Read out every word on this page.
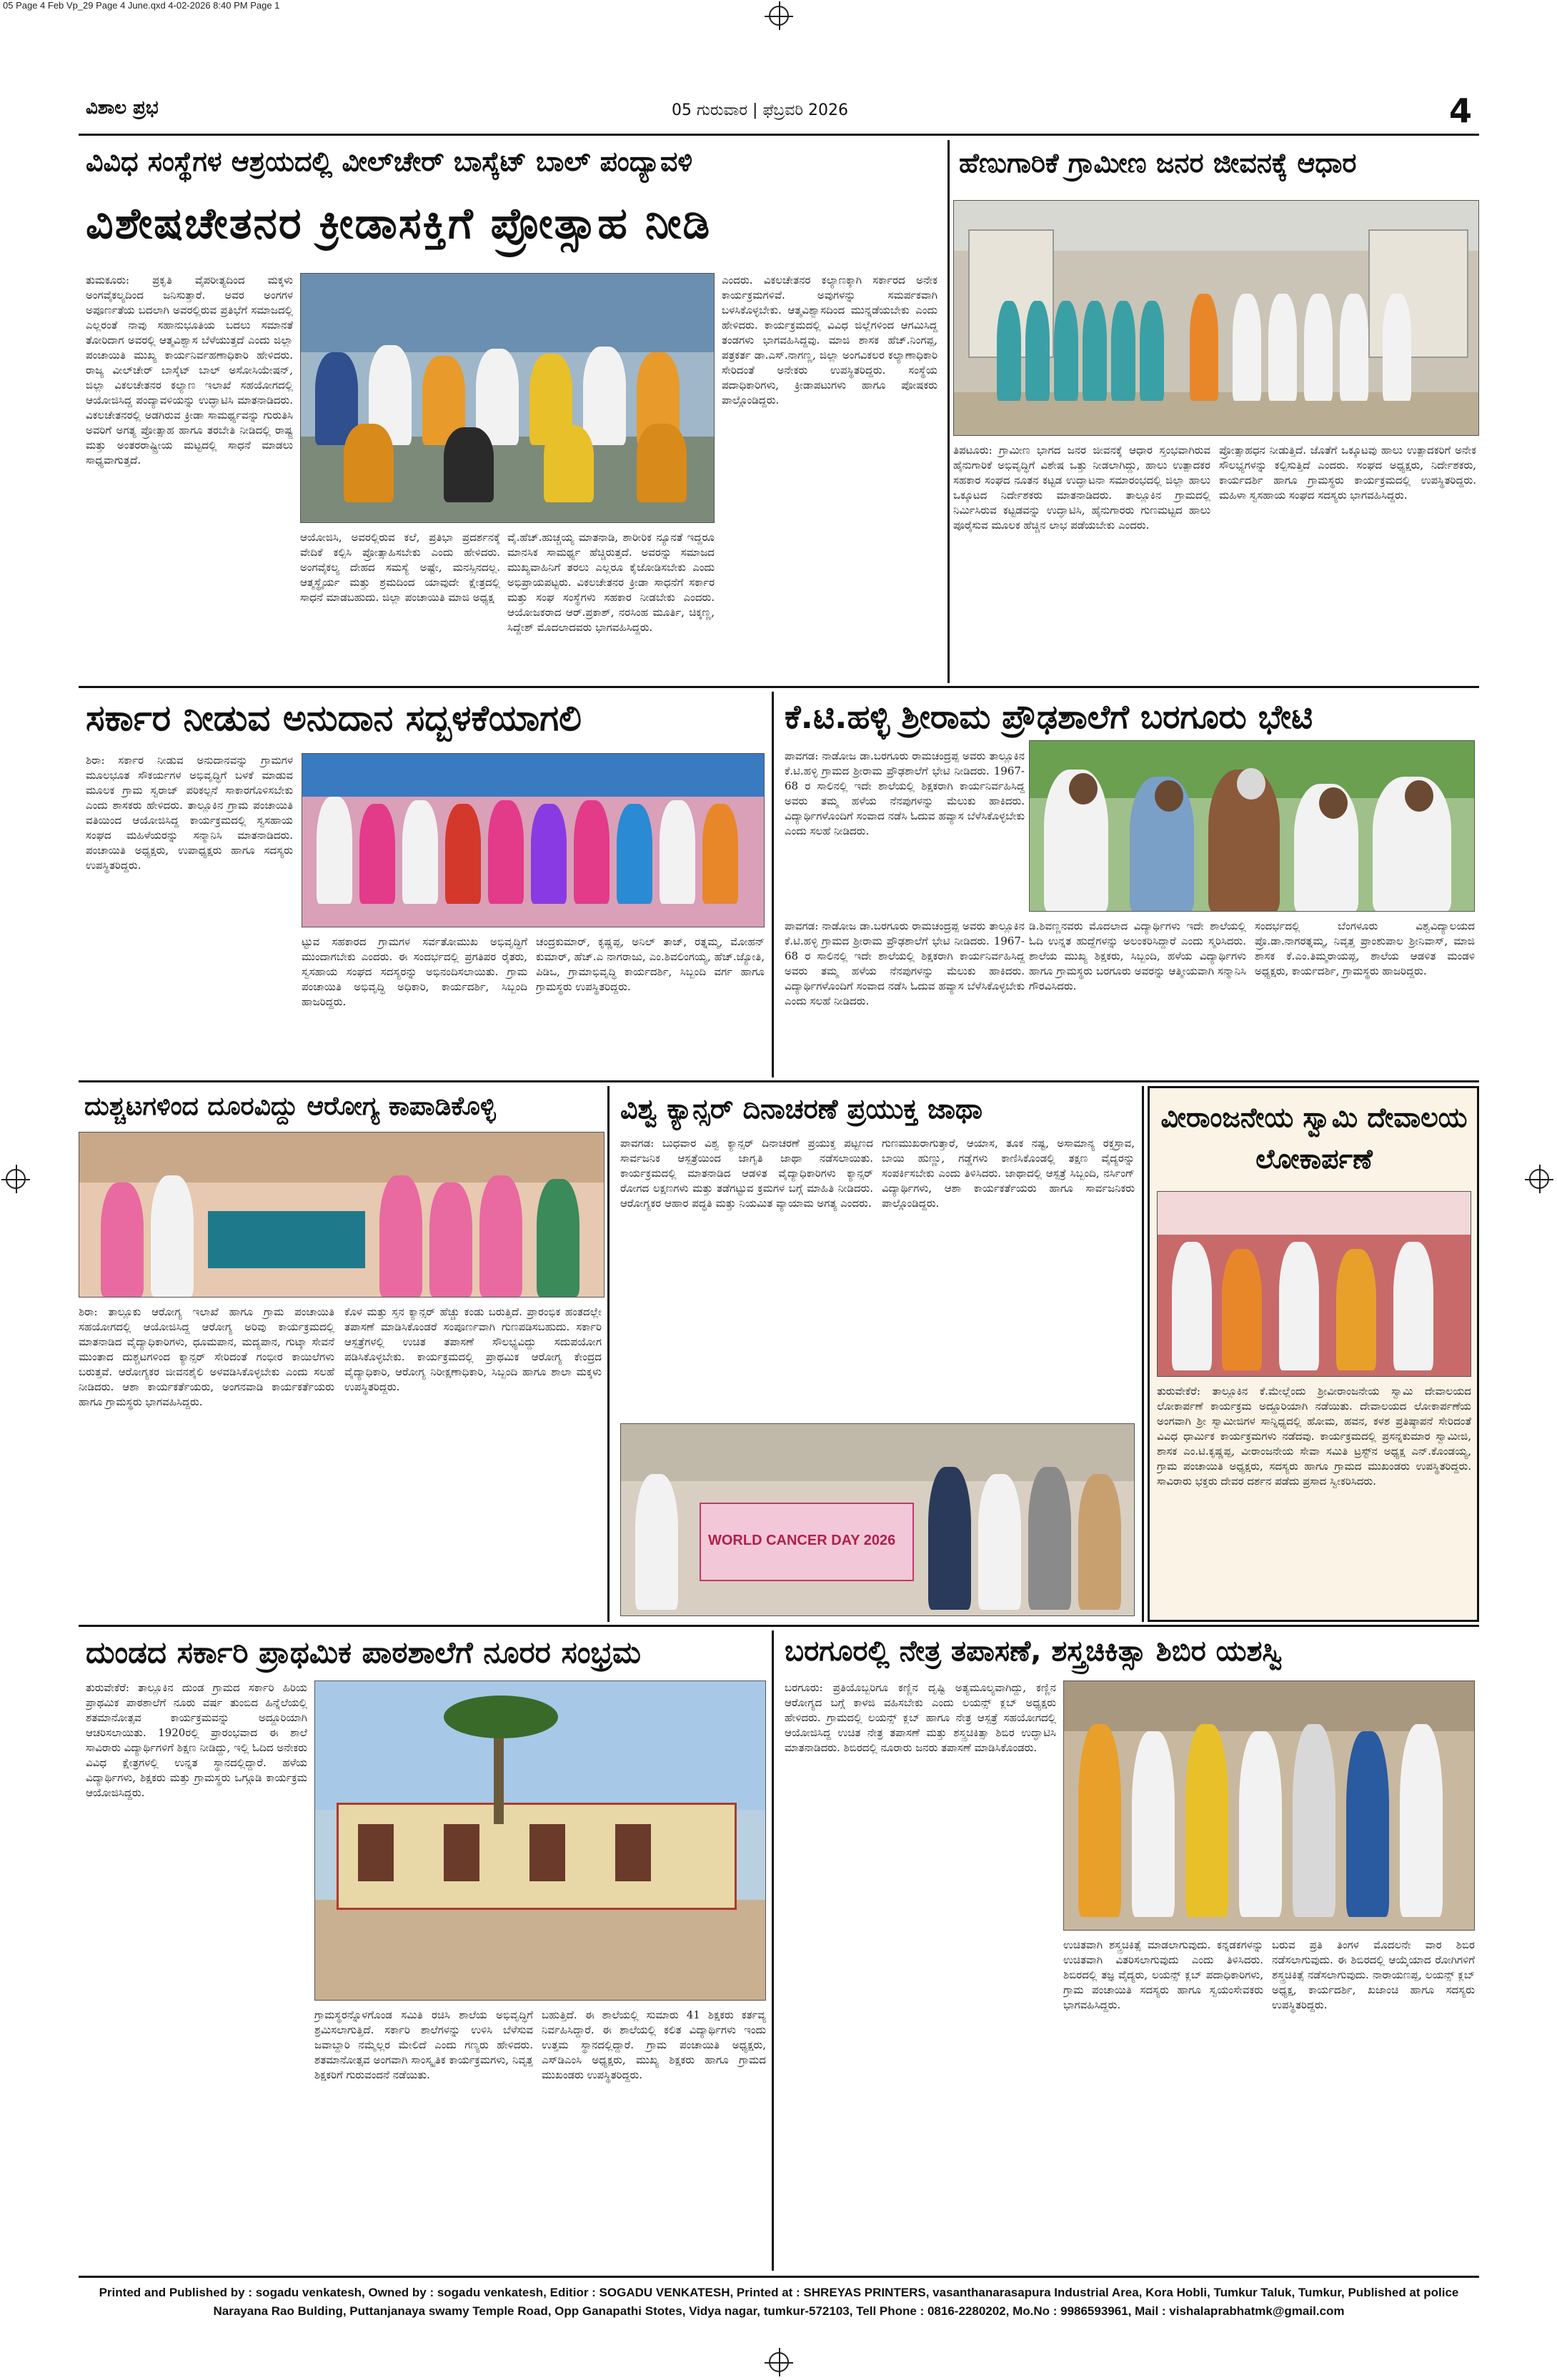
05 Page 4 Feb Vp_29 Page 4 June.qxd 4-02-2026 8:40 PM Page 1
ವಿಶಾಲ ಪ್ರಭ	05 ಗುರುವಾರ | ಫೆಬ್ರವರಿ 2026	4
ವಿವಿಧ ಸಂಸ್ಥೆಗಳ ಆಶ್ರಯದಲ್ಲಿ ವೀಲ್‌ಚೇರ್ ಬಾಸ್ಕೆಟ್ ಬಾಲ್ ಪಂದ್ಯಾವಳಿ
ವಿಶೇಷಚೇತನರ ಕ್ರೀಡಾಸಕ್ತಿಗೆ ಪ್ರೋತ್ಸಾಹ ನೀಡಿ
ತುಮಕೂರು: ಪ್ರಕೃತಿ ವೈಪರೀತ್ಯದಿಂದ ಮಕ್ಕಳು ಅಂಗವೈಕಲ್ಯದಿಂದ ಜನಿಸುತ್ತಾರೆ. ಅವರ ಅಂಗಗಳ ಅಪೂರ್ಣತೆಯ ಬದಲಾಗಿ ಅವರಲ್ಲಿರುವ ಪ್ರತಿಭೆಗೆ ಸಮಾಜದಲ್ಲಿ ಎಲ್ಲರಂತೆ ನಾವು ಸಹಾನುಭೂತಿಯ ಬದಲು ಸಮಾನತೆ ತೋರಿದಾಗ ಅವರಲ್ಲಿ ಆತ್ಮವಿಶ್ವಾಸ ಬೆಳೆಯುತ್ತದೆ ಎಂದು ಜಿಲ್ಲಾ ಪಂಚಾಯಿತಿ ಮುಖ್ಯ ಕಾರ್ಯನಿರ್ವಹಣಾಧಿಕಾರಿ ಹೇಳಿದರು. ರಾಜ್ಯ ವೀಲ್‌ಚೇರ್ ಬಾಸ್ಕೆಟ್ ಬಾಲ್ ಅಸೋಸಿಯೇಷನ್, ಜಿಲ್ಲಾ ವಿಕಲಚೇತನರ ಕಲ್ಯಾಣ ಇಲಾಖೆ ಸಹಯೋಗದಲ್ಲಿ ಆಯೋಜಿಸಿದ್ದ ಪಂದ್ಯಾವಳಿಯನ್ನು ಉದ್ಘಾಟಿಸಿ ಮಾತನಾಡಿದರು. ವಿಕಲಚೇತನರಲ್ಲಿ ಅಡಗಿರುವ ಕ್ರೀಡಾ ಸಾಮರ್ಥ್ಯವನ್ನು ಗುರುತಿಸಿ ಅವರಿಗೆ ಅಗತ್ಯ ಪ್ರೋತ್ಸಾಹ ಹಾಗೂ ತರಬೇತಿ ನೀಡಿದಲ್ಲಿ ರಾಷ್ಟ್ರ ಮತ್ತು ಅಂತರರಾಷ್ಟ್ರೀಯ ಮಟ್ಟದಲ್ಲಿ ಸಾಧನೆ ಮಾಡಲು ಸಾಧ್ಯವಾಗುತ್ತದೆ.
ಆಯೋಜಿಸಿ, ಅವರಲ್ಲಿರುವ ಕಲೆ, ಪ್ರತಿಭಾ ಪ್ರದರ್ಶನಕ್ಕೆ ವೇದಿಕೆ ಕಲ್ಪಿಸಿ ಪ್ರೋತ್ಸಾಹಿಸಬೇಕು ಎಂದು ಹೇಳಿದರು. ಅಂಗವೈಕಲ್ಯ ದೇಹದ ಸಮಸ್ಯೆ ಅಷ್ಟೇ, ಮನಸ್ಸಿನದಲ್ಲ. ಆತ್ಮಸ್ಥೈರ್ಯ ಮತ್ತು ಶ್ರಮದಿಂದ ಯಾವುದೇ ಕ್ಷೇತ್ರದಲ್ಲಿ ಸಾಧನೆ ಮಾಡಬಹುದು. ಜಿಲ್ಲಾ ಪಂಚಾಯಿತಿ ಮಾಜಿ ಅಧ್ಯಕ್ಷ
ವೈ.ಹೆಚ್.ಹುಚ್ಚಯ್ಯ ಮಾತನಾಡಿ, ಶಾರೀರಿಕ ನ್ಯೂನತೆ ಇದ್ದರೂ ಮಾನಸಿಕ ಸಾಮರ್ಥ್ಯ ಹೆಚ್ಚಿರುತ್ತದೆ. ಅವರನ್ನು ಸಮಾಜದ ಮುಖ್ಯವಾಹಿನಿಗೆ ತರಲು ಎಲ್ಲರೂ ಕೈಜೋಡಿಸಬೇಕು ಎಂದು ಅಭಿಪ್ರಾಯಪಟ್ಟರು. ವಿಕಲಚೇತನರ ಕ್ರೀಡಾ ಸಾಧನೆಗೆ ಸರ್ಕಾರ ಮತ್ತು ಸಂಘ ಸಂಸ್ಥೆಗಳು ಸಹಕಾರ ನೀಡಬೇಕು ಎಂದರು. ಆಯೋಜಕರಾದ ಆರ್.ಪ್ರಕಾಶ್, ನರಸಿಂಹ ಮೂರ್ತಿ, ಚಿಕ್ಕಣ್ಣ, ಸಿದ್ದೇಶ್ ಮೊದಲಾದವರು ಭಾಗವಹಿಸಿದ್ದರು.
ಎಂದರು. ವಿಕಲಚೇತನರ ಕಲ್ಯಾಣಕ್ಕಾಗಿ ಸರ್ಕಾರದ ಅನೇಕ ಕಾರ್ಯಕ್ರಮಗಳಿವೆ. ಅವುಗಳನ್ನು ಸಮರ್ಪಕವಾಗಿ ಬಳಸಿಕೊಳ್ಳಬೇಕು. ಆತ್ಮವಿಶ್ವಾಸದಿಂದ ಮುನ್ನಡೆಯಬೇಕು ಎಂದು ಹೇಳಿದರು. ಕಾರ್ಯಕ್ರಮದಲ್ಲಿ ವಿವಿಧ ಜಿಲ್ಲೆಗಳಿಂದ ಆಗಮಿಸಿದ್ದ ತಂಡಗಳು ಭಾಗವಹಿಸಿದ್ದವು. ಮಾಜಿ ಶಾಸಕ ಹೆಚ್.ನಿಂಗಪ್ಪ, ಪತ್ರಕರ್ತ ಡಾ.ಎಸ್.ನಾಗಣ್ಣ, ಜಿಲ್ಲಾ ಅಂಗವಿಕಲರ ಕಲ್ಯಾಣಾಧಿಕಾರಿ ಸೇರಿದಂತೆ ಅನೇಕರು ಉಪಸ್ಥಿತರಿದ್ದರು. ಸಂಸ್ಥೆಯ ಪದಾಧಿಕಾರಿಗಳು, ಕ್ರೀಡಾಪಟುಗಳು ಹಾಗೂ ಪೋಷಕರು ಪಾಲ್ಗೊಂಡಿದ್ದರು.
ಹೆಣುಗಾರಿಕೆ ಗ್ರಾಮೀಣ ಜನರ ಜೀವನಕ್ಕೆ ಆಧಾರ
ತಿಪಟೂರು: ಗ್ರಾಮೀಣ ಭಾಗದ ಜನರ ಜೀವನಕ್ಕೆ ಆಧಾರ ಸ್ತಂಭವಾಗಿರುವ ಹೈನುಗಾರಿಕೆ ಅಭಿವೃದ್ಧಿಗೆ ವಿಶೇಷ ಒತ್ತು ನೀಡಲಾಗಿದ್ದು, ಹಾಲು ಉತ್ಪಾದಕರ ಸಹಕಾರ ಸಂಘದ ನೂತನ ಕಟ್ಟಡ ಉದ್ಘಾಟನಾ ಸಮಾರಂಭದಲ್ಲಿ ಜಿಲ್ಲಾ ಹಾಲು ಒಕ್ಕೂಟದ ನಿರ್ದೇಶಕರು ಮಾತನಾಡಿದರು. ತಾಲ್ಲೂಕಿನ ಗ್ರಾಮದಲ್ಲಿ ನಿರ್ಮಿಸಿರುವ ಕಟ್ಟಡವನ್ನು ಉದ್ಘಾಟಿಸಿ, ಹೈನುಗಾರರು ಗುಣಮಟ್ಟದ ಹಾಲು ಪೂರೈಸುವ ಮೂಲಕ ಹೆಚ್ಚಿನ ಲಾಭ ಪಡೆಯಬೇಕು ಎಂದರು.
ಪ್ರೋತ್ಸಾಹಧನ ನೀಡುತ್ತಿದೆ. ಜೊತೆಗೆ ಒಕ್ಕೂಟವು ಹಾಲು ಉತ್ಪಾದಕರಿಗೆ ಅನೇಕ ಸೌಲಭ್ಯಗಳನ್ನು ಕಲ್ಪಿಸುತ್ತಿದೆ ಎಂದರು. ಸಂಘದ ಅಧ್ಯಕ್ಷರು, ನಿರ್ದೇಶಕರು, ಕಾರ್ಯದರ್ಶಿ ಹಾಗೂ ಗ್ರಾಮಸ್ಥರು ಕಾರ್ಯಕ್ರಮದಲ್ಲಿ ಉಪಸ್ಥಿತರಿದ್ದರು. ಮಹಿಳಾ ಸ್ವಸಹಾಯ ಸಂಘದ ಸದಸ್ಯರು ಭಾಗವಹಿಸಿದ್ದರು.
ಸರ್ಕಾರ ನೀಡುವ ಅನುದಾನ ಸದ್ಬಳಕೆಯಾಗಲಿ
ಶಿರಾ: ಸರ್ಕಾರ ನೀಡುವ ಅನುದಾನವನ್ನು ಗ್ರಾಮಗಳ ಮೂಲಭೂತ ಸೌಕರ್ಯಗಳ ಅಭಿವೃದ್ಧಿಗೆ ಬಳಕೆ ಮಾಡುವ ಮೂಲಕ ಗ್ರಾಮ ಸ್ವರಾಜ್ ಪರಿಕಲ್ಪನೆ ಸಾಕಾರಗೊಳಿಸಬೇಕು ಎಂದು ಶಾಸಕರು ಹೇಳಿದರು. ತಾಲ್ಲೂಕಿನ ಗ್ರಾಮ ಪಂಚಾಯಿತಿ ವತಿಯಿಂದ ಆಯೋಜಿಸಿದ್ದ ಕಾರ್ಯಕ್ರಮದಲ್ಲಿ ಸ್ವಸಹಾಯ ಸಂಘದ ಮಹಿಳೆಯರನ್ನು ಸನ್ಮಾನಿಸಿ ಮಾತನಾಡಿದರು. ಪಂಚಾಯಿತಿ ಅಧ್ಯಕ್ಷರು, ಉಪಾಧ್ಯಕ್ಷರು ಹಾಗೂ ಸದಸ್ಯರು ಉಪಸ್ಥಿತರಿದ್ದರು.
ಟ್ಟುವ ಸಹಕಾರದ ಗ್ರಾಮಗಳ ಸರ್ವತೋಮುಖ ಅಭಿವೃದ್ಧಿಗೆ ಮುಂದಾಗಬೇಕು ಎಂದರು. ಈ ಸಂದರ್ಭದಲ್ಲಿ ಪ್ರಗತಿಪರ ರೈತರು, ಸ್ವಸಹಾಯ ಸಂಘದ ಸದಸ್ಯರನ್ನು ಅಭಿನಂದಿಸಲಾಯಿತು. ಗ್ರಾಮ ಪಂಚಾಯಿತಿ ಅಭಿವೃದ್ಧಿ ಅಧಿಕಾರಿ, ಕಾರ್ಯದರ್ಶಿ, ಸಿಬ್ಬಂದಿ ಹಾಜರಿದ್ದರು.
ಚಂದ್ರಕುಮಾರ್, ಕೃಷ್ಣಪ್ಪ, ಅನಿಲ್ ತಾಜ್, ರತ್ನಮ್ಮ, ಮೋಹನ್ ಕುಮಾರ್, ಹೆಚ್.ಎ ನಾಗರಾಜು, ಎಂ.ಶಿವಲಿಂಗಯ್ಯ, ಹೆಚ್.ಜ್ಯೋತಿ, ಪಿಡಿಒ, ಗ್ರಾಮಾಭಿವೃದ್ಧಿ ಕಾರ್ಯದರ್ಶಿ, ಸಿಬ್ಬಂದಿ ವರ್ಗ ಹಾಗೂ ಗ್ರಾಮಸ್ಥರು ಉಪಸ್ಥಿತರಿದ್ದರು.
ಕೆ.ಟಿ.ಹಳ್ಳಿ ಶ್ರೀರಾಮ ಪ್ರೌಢಶಾಲೆಗೆ ಬರಗೂರು ಭೇಟಿ
ಪಾವಗಡ: ನಾಡೋಜ ಡಾ.ಬರಗೂರು ರಾಮಚಂದ್ರಪ್ಪ ಅವರು ತಾಲ್ಲೂಕಿನ ಕೆ.ಟಿ.ಹಳ್ಳಿ ಗ್ರಾಮದ ಶ್ರೀರಾಮ ಪ್ರೌಢಶಾಲೆಗೆ ಭೇಟಿ ನೀಡಿದರು. 1967-68 ರ ಸಾಲಿನಲ್ಲಿ ಇದೇ ಶಾಲೆಯಲ್ಲಿ ಶಿಕ್ಷಕರಾಗಿ ಕಾರ್ಯನಿರ್ವಹಿಸಿದ್ದ ಅವರು ತಮ್ಮ ಹಳೆಯ ನೆನಪುಗಳನ್ನು ಮೆಲುಕು ಹಾಕಿದರು. ವಿದ್ಯಾರ್ಥಿಗಳೊಂದಿಗೆ ಸಂವಾದ ನಡೆಸಿ ಓದುವ ಹವ್ಯಾಸ ಬೆಳೆಸಿಕೊಳ್ಳಬೇಕು ಎಂದು ಸಲಹೆ ನೀಡಿದರು.
ಡಿ.ಶಿವಣ್ಣನವರು ಮೊದಲಾದ ವಿದ್ಯಾರ್ಥಿಗಳು ಇದೇ ಶಾಲೆಯಲ್ಲಿ ಓದಿ ಉನ್ನತ ಹುದ್ದೆಗಳನ್ನು ಅಲಂಕರಿಸಿದ್ದಾರೆ ಎಂದು ಸ್ಮರಿಸಿದರು. ಶಾಲೆಯ ಮುಖ್ಯ ಶಿಕ್ಷಕರು, ಸಿಬ್ಬಂದಿ, ಹಳೆಯ ವಿದ್ಯಾರ್ಥಿಗಳು ಹಾಗೂ ಗ್ರಾಮಸ್ಥರು ಬರಗೂರು ಅವರನ್ನು ಆತ್ಮೀಯವಾಗಿ ಸನ್ಮಾನಿಸಿ ಗೌರವಿಸಿದರು.
ಸಂದರ್ಭದಲ್ಲಿ ಬೆಂಗಳೂರು ವಿಶ್ವವಿದ್ಯಾಲಯದ ಪ್ರೊ.ಡಾ.ನಾಗರತ್ನಮ್ಮ, ನಿವೃತ್ತ ಪ್ರಾಂಶುಪಾಲ ಶ್ರೀನಿವಾಸ್, ಮಾಜಿ ಶಾಸಕ ಕೆ.ಎಂ.ತಿಮ್ಮರಾಯಪ್ಪ, ಶಾಲೆಯ ಆಡಳಿತ ಮಂಡಳಿ ಅಧ್ಯಕ್ಷರು, ಕಾರ್ಯದರ್ಶಿ, ಗ್ರಾಮಸ್ಥರು ಹಾಜರಿದ್ದರು.
ಪಾವಗಡ: ನಾಡೋಜ ಡಾ.ಬರಗೂರು ರಾಮಚಂದ್ರಪ್ಪ ಅವರು ತಾಲ್ಲೂಕಿನ ಕೆ.ಟಿ.ಹಳ್ಳಿ ಗ್ರಾಮದ ಶ್ರೀರಾಮ ಪ್ರೌಢಶಾಲೆಗೆ ಭೇಟಿ ನೀಡಿದರು. 1967-68 ರ ಸಾಲಿನಲ್ಲಿ ಇದೇ ಶಾಲೆಯಲ್ಲಿ ಶಿಕ್ಷಕರಾಗಿ ಕಾರ್ಯನಿರ್ವಹಿಸಿದ್ದ ಅವರು ತಮ್ಮ ಹಳೆಯ ನೆನಪುಗಳನ್ನು ಮೆಲುಕು ಹಾಕಿದರು. ವಿದ್ಯಾರ್ಥಿಗಳೊಂದಿಗೆ ಸಂವಾದ ನಡೆಸಿ ಓದುವ ಹವ್ಯಾಸ ಬೆಳೆಸಿಕೊಳ್ಳಬೇಕು ಎಂದು ಸಲಹೆ ನೀಡಿದರು.
ದುಶ್ಚಟಗಳಿಂದ ದೂರವಿದ್ದು ಆರೋಗ್ಯ ಕಾಪಾಡಿಕೊಳ್ಳಿ
ಶಿರಾ: ತಾಲ್ಲೂಕು ಆರೋಗ್ಯ ಇಲಾಖೆ ಹಾಗೂ ಗ್ರಾಮ ಪಂಚಾಯಿತಿ ಸಹಯೋಗದಲ್ಲಿ ಆಯೋಜಿಸಿದ್ದ ಆರೋಗ್ಯ ಅರಿವು ಕಾರ್ಯಕ್ರಮದಲ್ಲಿ ಮಾತನಾಡಿದ ವೈದ್ಯಾಧಿಕಾರಿಗಳು, ಧೂಮಪಾನ, ಮದ್ಯಪಾನ, ಗುಟ್ಕಾ ಸೇವನೆ ಮುಂತಾದ ದುಶ್ಚಟಗಳಿಂದ ಕ್ಯಾನ್ಸರ್ ಸೇರಿದಂತೆ ಗಂಭೀರ ಕಾಯಿಲೆಗಳು ಬರುತ್ತವೆ. ಆರೋಗ್ಯಕರ ಜೀವನಶೈಲಿ ಅಳವಡಿಸಿಕೊಳ್ಳಬೇಕು ಎಂದು ಸಲಹೆ ನೀಡಿದರು. ಆಶಾ ಕಾರ್ಯಕರ್ತೆಯರು, ಅಂಗನವಾಡಿ ಕಾರ್ಯಕರ್ತೆಯರು ಹಾಗೂ ಗ್ರಾಮಸ್ಥರು ಭಾಗವಹಿಸಿದ್ದರು.
ಕೊಳ ಮತ್ತು ಸ್ತನ ಕ್ಯಾನ್ಸರ್ ಹೆಚ್ಚು ಕಂಡು ಬರುತ್ತಿದೆ. ಪ್ರಾರಂಭಿಕ ಹಂತದಲ್ಲೇ ತಪಾಸಣೆ ಮಾಡಿಸಿಕೊಂಡರೆ ಸಂಪೂರ್ಣವಾಗಿ ಗುಣಪಡಿಸಬಹುದು. ಸರ್ಕಾರಿ ಆಸ್ಪತ್ರೆಗಳಲ್ಲಿ ಉಚಿತ ತಪಾಸಣೆ ಸೌಲಭ್ಯವಿದ್ದು ಸದುಪಯೋಗ ಪಡಿಸಿಕೊಳ್ಳಬೇಕು. ಕಾರ್ಯಕ್ರಮದಲ್ಲಿ ಪ್ರಾಥಮಿಕ ಆರೋಗ್ಯ ಕೇಂದ್ರದ ವೈದ್ಯಾಧಿಕಾರಿ, ಆರೋಗ್ಯ ನಿರೀಕ್ಷಣಾಧಿಕಾರಿ, ಸಿಬ್ಬಂದಿ ಹಾಗೂ ಶಾಲಾ ಮಕ್ಕಳು ಉಪಸ್ಥಿತರಿದ್ದರು.
ವಿಶ್ವ ಕ್ಯಾನ್ಸರ್ ದಿನಾಚರಣೆ ಪ್ರಯುಕ್ತ ಜಾಥಾ
ಪಾವಗಡ: ಬುಧವಾರ ವಿಶ್ವ ಕ್ಯಾನ್ಸರ್ ದಿನಾಚರಣೆ ಪ್ರಯುಕ್ತ ಪಟ್ಟಣದ ಸಾರ್ವಜನಿಕ ಆಸ್ಪತ್ರೆಯಿಂದ ಜಾಗೃತಿ ಜಾಥಾ ನಡೆಸಲಾಯಿತು. ಕಾರ್ಯಕ್ರಮದಲ್ಲಿ ಮಾತನಾಡಿದ ಆಡಳಿತ ವೈದ್ಯಾಧಿಕಾರಿಗಳು ಕ್ಯಾನ್ಸರ್ ರೋಗದ ಲಕ್ಷಣಗಳು ಮತ್ತು ತಡೆಗಟ್ಟುವ ಕ್ರಮಗಳ ಬಗ್ಗೆ ಮಾಹಿತಿ ನೀಡಿದರು. ಆರೋಗ್ಯಕರ ಆಹಾರ ಪದ್ಧತಿ ಮತ್ತು ನಿಯಮಿತ ವ್ಯಾಯಾಮ ಅಗತ್ಯ ಎಂದರು.
ಗುಣಮುಖರಾಗುತ್ತಾರೆ, ಆಯಾಸ, ತೂಕ ನಷ್ಟ, ಅಸಾಮಾನ್ಯ ರಕ್ತಸ್ರಾವ, ಬಾಯಿ ಹುಣ್ಣು, ಗಡ್ಡೆಗಳು ಕಾಣಿಸಿಕೊಂಡಲ್ಲಿ ತಕ್ಷಣ ವೈದ್ಯರನ್ನು ಸಂಪರ್ಕಿಸಬೇಕು ಎಂದು ತಿಳಿಸಿದರು. ಜಾಥಾದಲ್ಲಿ ಆಸ್ಪತ್ರೆ ಸಿಬ್ಬಂದಿ, ನರ್ಸಿಂಗ್ ವಿದ್ಯಾರ್ಥಿಗಳು, ಆಶಾ ಕಾರ್ಯಕರ್ತೆಯರು ಹಾಗೂ ಸಾರ್ವಜನಿಕರು ಪಾಲ್ಗೊಂಡಿದ್ದರು.
WORLD CANCER DAY 2026
ವೀರಾಂಜನೇಯ ಸ್ವಾಮಿ ದೇವಾಲಯ ಲೋಕಾರ್ಪಣೆ
ತುರುವೇಕೆರೆ: ತಾಲ್ಲೂಕಿನ ಕೆ.ಮೇಲ್ಲೆಂದು ಶ್ರೀವೀರಾಂಜನೇಯ ಸ್ವಾಮಿ ದೇವಾಲಯದ ಲೋಕಾರ್ಪಣೆ ಕಾರ್ಯಕ್ರಮ ಅದ್ದೂರಿಯಾಗಿ ನಡೆಯಿತು. ದೇವಾಲಯದ ಲೋಕಾರ್ಪಣೆಯ ಅಂಗವಾಗಿ ಶ್ರೀ ಸ್ವಾಮೀಜಿಗಳ ಸಾನ್ನಿಧ್ಯದಲ್ಲಿ ಹೋಮ, ಹವನ, ಕಳಶ ಪ್ರತಿಷ್ಠಾಪನೆ ಸೇರಿದಂತೆ ವಿವಿಧ ಧಾರ್ಮಿಕ ಕಾರ್ಯಕ್ರಮಗಳು ನಡೆದವು. ಕಾರ್ಯಕ್ರಮದಲ್ಲಿ ಪ್ರಸನ್ನಕುಮಾರ ಸ್ವಾಮೀಜಿ, ಶಾಸಕ ಎಂ.ಟಿ.ಕೃಷ್ಣಪ್ಪ, ವೀರಾಂಜನೇಯ ಸೇವಾ ಸಮಿತಿ ಟ್ರಸ್ಟ್‌ನ ಅಧ್ಯಕ್ಷ ಎನ್.ಕೊಂಡಯ್ಯ, ಗ್ರಾಮ ಪಂಚಾಯಿತಿ ಅಧ್ಯಕ್ಷರು, ಸದಸ್ಯರು ಹಾಗೂ ಗ್ರಾಮದ ಮುಖಂಡರು ಉಪಸ್ಥಿತರಿದ್ದರು. ಸಾವಿರಾರು ಭಕ್ತರು ದೇವರ ದರ್ಶನ ಪಡೆದು ಪ್ರಸಾದ ಸ್ವೀಕರಿಸಿದರು.
ದುಂಡದ ಸರ್ಕಾರಿ ಪ್ರಾಥಮಿಕ ಪಾಠಶಾಲೆಗೆ ನೂರರ ಸಂಭ್ರಮ
ತುರುವೇಕೆರೆ: ತಾಲ್ಲೂಕಿನ ದುಂಡ ಗ್ರಾಮದ ಸರ್ಕಾರಿ ಹಿರಿಯ ಪ್ರಾಥಮಿಕ ಪಾಠಶಾಲೆಗೆ ನೂರು ವರ್ಷ ತುಂಬಿದ ಹಿನ್ನೆಲೆಯಲ್ಲಿ ಶತಮಾನೋತ್ಸವ ಕಾರ್ಯಕ್ರಮವನ್ನು ಅದ್ದೂರಿಯಾಗಿ ಆಚರಿಸಲಾಯಿತು. 1920ರಲ್ಲಿ ಪ್ರಾರಂಭವಾದ ಈ ಶಾಲೆ ಸಾವಿರಾರು ವಿದ್ಯಾರ್ಥಿಗಳಿಗೆ ಶಿಕ್ಷಣ ನೀಡಿದ್ದು, ಇಲ್ಲಿ ಓದಿದ ಅನೇಕರು ವಿವಿಧ ಕ್ಷೇತ್ರಗಳಲ್ಲಿ ಉನ್ನತ ಸ್ಥಾನದಲ್ಲಿದ್ದಾರೆ. ಹಳೆಯ ವಿದ್ಯಾರ್ಥಿಗಳು, ಶಿಕ್ಷಕರು ಮತ್ತು ಗ್ರಾಮಸ್ಥರು ಒಗ್ಗೂಡಿ ಕಾರ್ಯಕ್ರಮ ಆಯೋಜಿಸಿದ್ದರು.
ಗ್ರಾಮಸ್ಥರನ್ನೊಳಗೊಂಡ ಸಮಿತಿ ರಚಿಸಿ ಶಾಲೆಯ ಅಭಿವೃದ್ಧಿಗೆ ಶ್ರಮಿಸಲಾಗುತ್ತಿದೆ. ಸರ್ಕಾರಿ ಶಾಲೆಗಳನ್ನು ಉಳಿಸಿ ಬೆಳೆಸುವ ಜವಾಬ್ದಾರಿ ನಮ್ಮೆಲ್ಲರ ಮೇಲಿದೆ ಎಂದು ಗಣ್ಯರು ಹೇಳಿದರು. ಶತಮಾನೋತ್ಸವ ಅಂಗವಾಗಿ ಸಾಂಸ್ಕೃತಿಕ ಕಾರ್ಯಕ್ರಮಗಳು, ನಿವೃತ್ತ ಶಿಕ್ಷಕರಿಗೆ ಗುರುವಂದನೆ ನಡೆಯಿತು.
ಬಹುತ್ತಿದೆ. ಈ ಶಾಲೆಯಲ್ಲಿ ಸುಮಾರು 41 ಶಿಕ್ಷಕರು ಕರ್ತವ್ಯ ನಿರ್ವಹಿಸಿದ್ದಾರೆ. ಈ ಶಾಲೆಯಲ್ಲಿ ಕಲಿತ ವಿದ್ಯಾರ್ಥಿಗಳು ಇಂದು ಉತ್ತಮ ಸ್ಥಾನದಲ್ಲಿದ್ದಾರೆ. ಗ್ರಾಮ ಪಂಚಾಯಿತಿ ಅಧ್ಯಕ್ಷರು, ಎಸ್‌ಡಿಎಂಸಿ ಅಧ್ಯಕ್ಷರು, ಮುಖ್ಯ ಶಿಕ್ಷಕರು ಹಾಗೂ ಗ್ರಾಮದ ಮುಖಂಡರು ಉಪಸ್ಥಿತರಿದ್ದರು.
ಬರಗೂರಲ್ಲಿ ನೇತ್ರ ತಪಾಸಣೆ, ಶಸ್ತ್ರಚಿಕಿತ್ಸಾ ಶಿಬಿರ ಯಶಸ್ವಿ
ಬರಗೂರು: ಪ್ರತಿಯೊಬ್ಬರಿಗೂ ಕಣ್ಣಿನ ದೃಷ್ಟಿ ಅತ್ಯಮೂಲ್ಯವಾಗಿದ್ದು, ಕಣ್ಣಿನ ಆರೋಗ್ಯದ ಬಗ್ಗೆ ಕಾಳಜಿ ವಹಿಸಬೇಕು ಎಂದು ಲಯನ್ಸ್ ಕ್ಲಬ್ ಅಧ್ಯಕ್ಷರು ಹೇಳಿದರು. ಗ್ರಾಮದಲ್ಲಿ ಲಯನ್ಸ್ ಕ್ಲಬ್ ಹಾಗೂ ನೇತ್ರ ಆಸ್ಪತ್ರೆ ಸಹಯೋಗದಲ್ಲಿ ಆಯೋಜಿಸಿದ್ದ ಉಚಿತ ನೇತ್ರ ತಪಾಸಣೆ ಮತ್ತು ಶಸ್ತ್ರಚಿಕಿತ್ಸಾ ಶಿಬಿರ ಉದ್ಘಾಟಿಸಿ ಮಾತನಾಡಿದರು. ಶಿಬಿರದಲ್ಲಿ ನೂರಾರು ಜನರು ತಪಾಸಣೆ ಮಾಡಿಸಿಕೊಂಡರು.
ಉಚಿತವಾಗಿ ಶಸ್ತ್ರಚಿಕಿತ್ಸೆ ಮಾಡಲಾಗುವುದು. ಕನ್ನಡಕಗಳನ್ನು ಉಚಿತವಾಗಿ ವಿತರಿಸಲಾಗುವುದು ಎಂದು ತಿಳಿಸಿದರು. ಶಿಬಿರದಲ್ಲಿ ತಜ್ಞ ವೈದ್ಯರು, ಲಯನ್ಸ್ ಕ್ಲಬ್ ಪದಾಧಿಕಾರಿಗಳು, ಗ್ರಾಮ ಪಂಚಾಯಿತಿ ಸದಸ್ಯರು ಹಾಗೂ ಸ್ವಯಂಸೇವಕರು ಭಾಗವಹಿಸಿದ್ದರು.
ಬರುವ ಪ್ರತಿ ತಿಂಗಳ ಮೊದಲನೇ ವಾರ ಶಿಬಿರ ನಡೆಸಲಾಗುವುದು. ಈ ಶಿಬಿರದಲ್ಲಿ ಆಯ್ಕೆಯಾದ ರೋಗಿಗಳಿಗೆ ಶಸ್ತ್ರಚಿಕಿತ್ಸೆ ನಡೆಸಲಾಗುವುದು. ನಾರಾಯಣಪ್ಪ, ಲಯನ್ಸ್ ಕ್ಲಬ್ ಅಧ್ಯಕ್ಷ, ಕಾರ್ಯದರ್ಶಿ, ಖಜಾಂಚಿ ಹಾಗೂ ಸದಸ್ಯರು ಉಪಸ್ಥಿತರಿದ್ದರು.
Printed and Published by : sogadu venkatesh, Owned by : sogadu venkatesh, Editior : SOGADU VENKATESH, Printed at : SHREYAS PRINTERS, vasanthanarasapura Industrial Area, Kora Hobli, Tumkur Taluk, Tumkur, Published at police
Narayana Rao Bulding, Puttanjanaya swamy Temple Road, Opp Ganapathi Stotes, Vidya nagar, tumkur-572103, Tell Phone : 0816-2280202, Mo.No : 9986593961, Mail : vishalaprabhatmk@gmail.com
